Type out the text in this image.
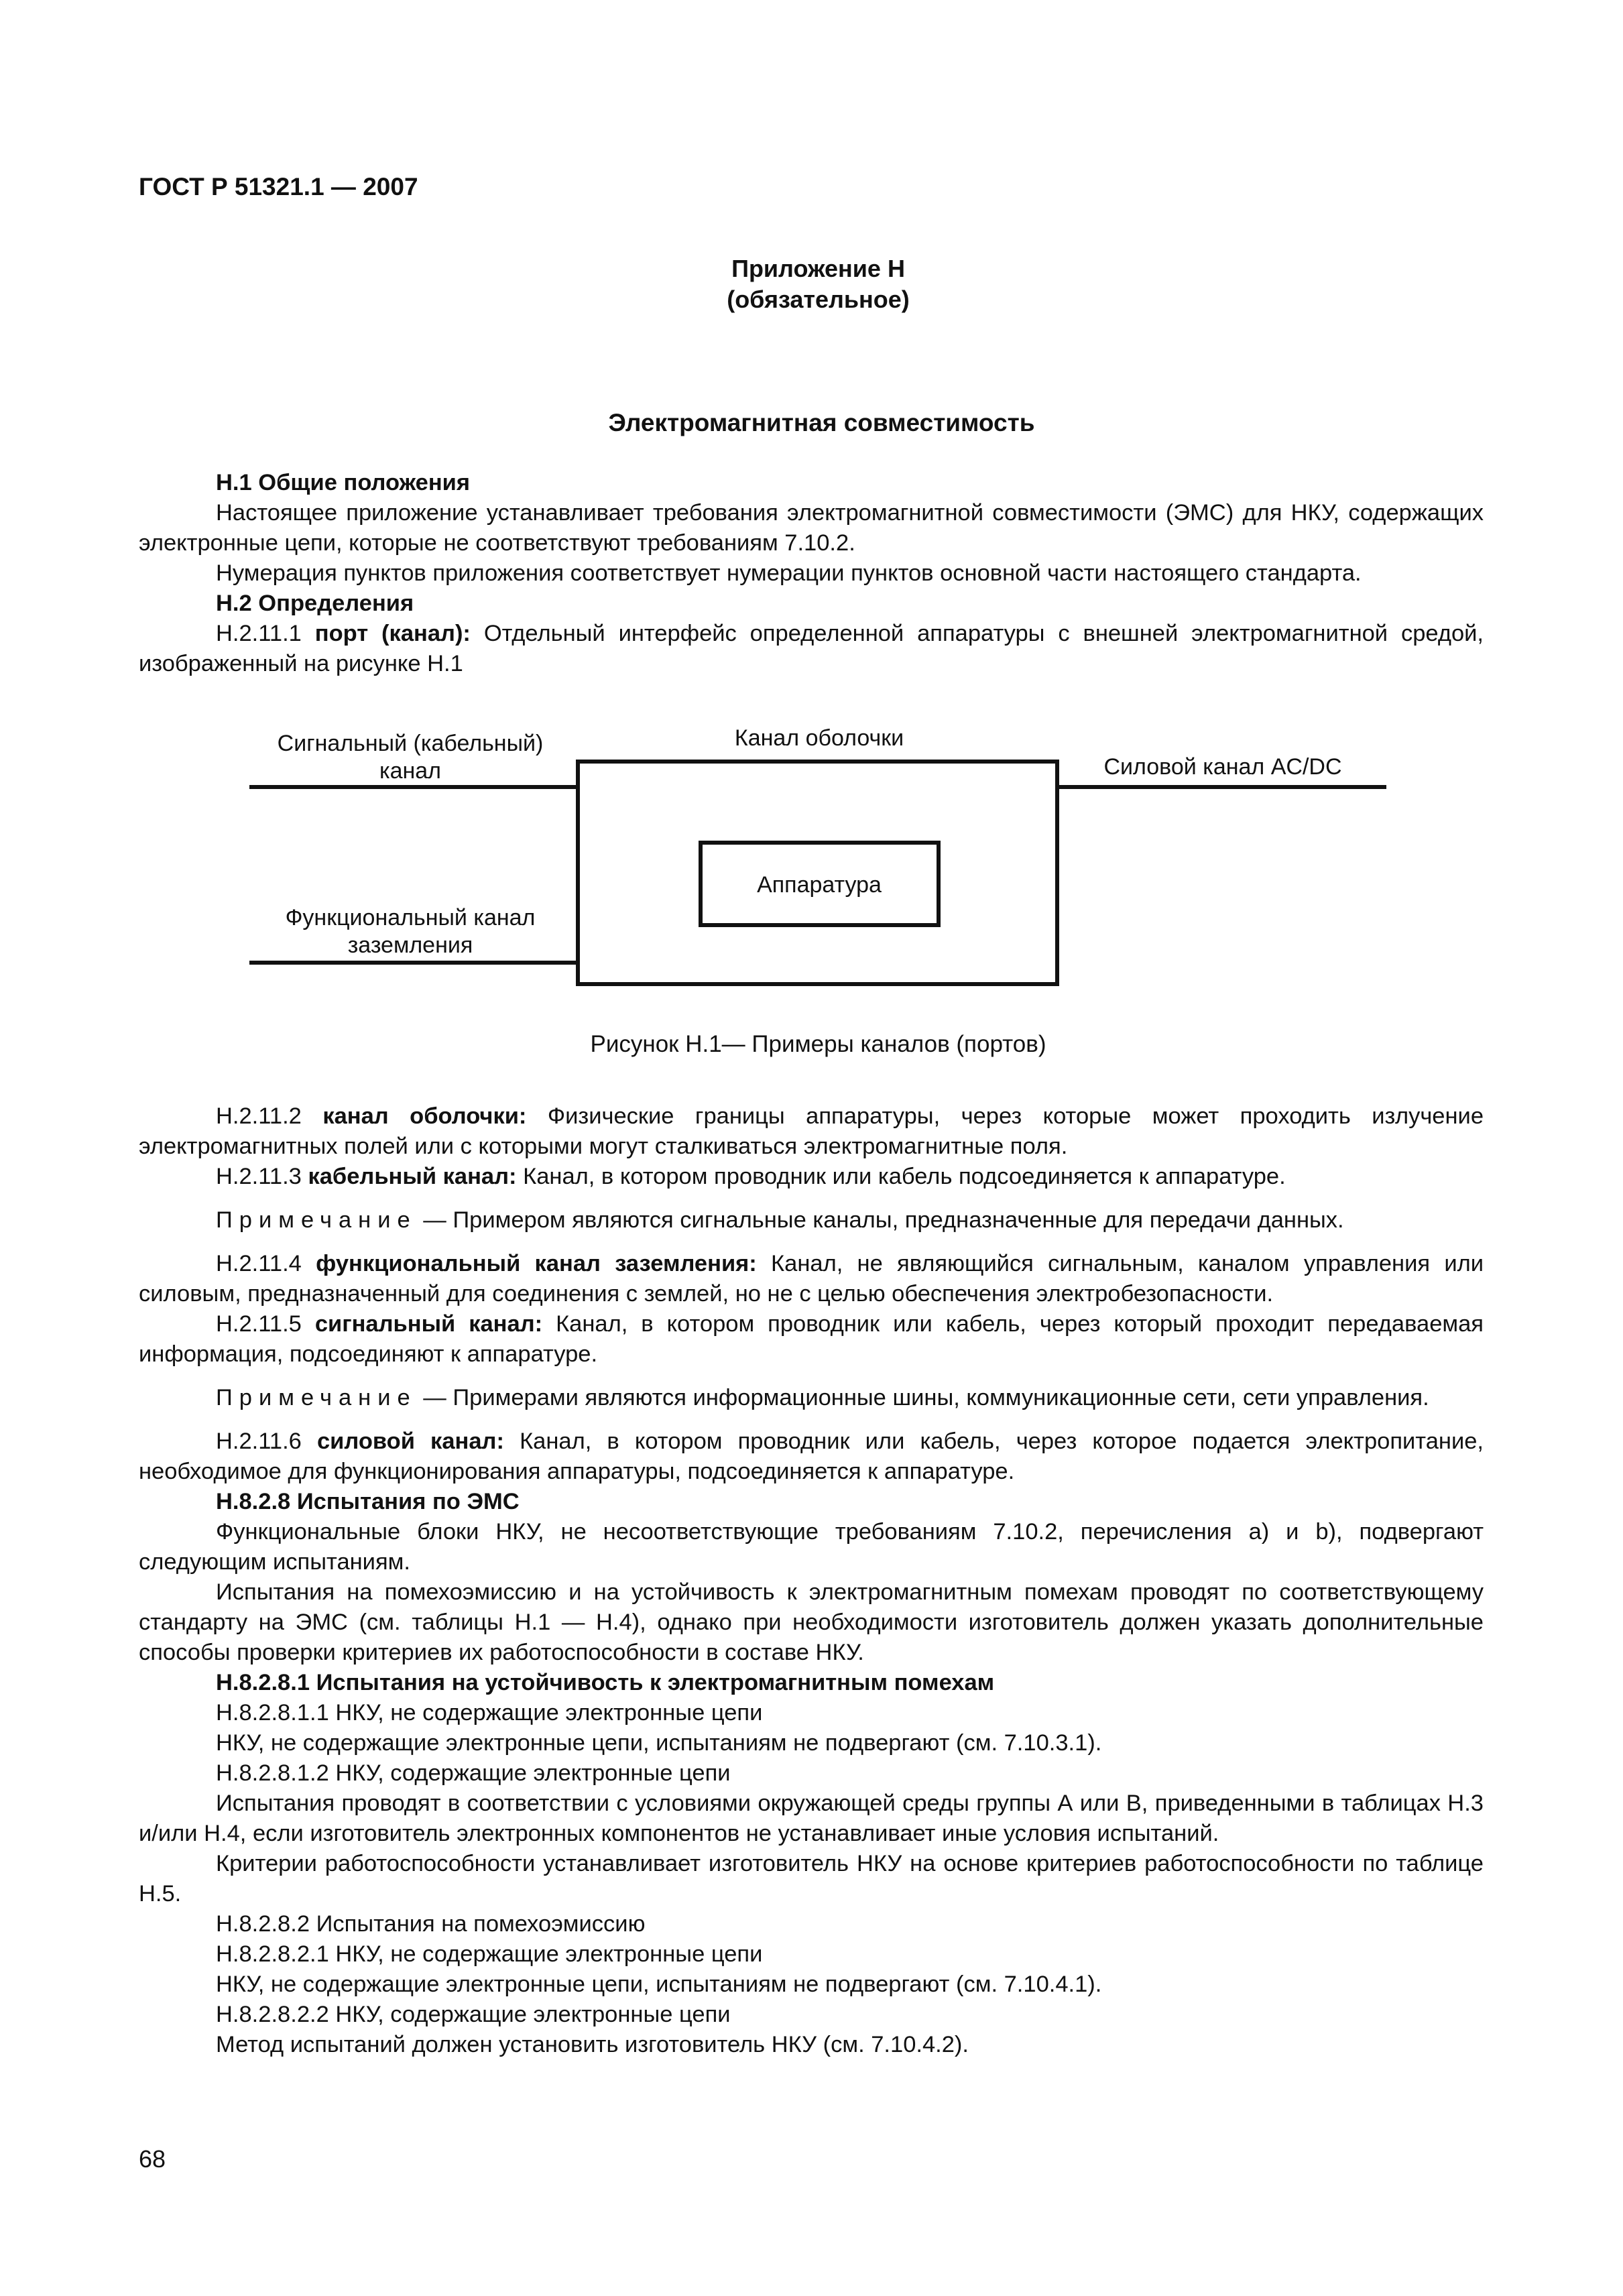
ГОСТ Р 51321.1 — 2007
Приложение Н
(обязательное)
Электромагнитная совместимость

Н.1 Общие положения

Настоящее приложение устанавливает требования электромагнитной совместимости (ЭМС) для НКУ, содержащих электронные цепи, которые не соответствуют требованиям 7.10.2.

Нумерация пунктов приложения соответствует нумерации пунктов основной части настоящего стандарта.

Н.2 Определения

Н.2.11.1 порт (канал): Отдельный интерфейс определенной аппаратуры с внешней электромагнитной средой, изображенный на рисунке Н.1

Сигнальный (кабельный)
канал
Канал оболочки
Силовой канал AC/DC
Функциональный канал
заземления
Аппаратура
Рисунок Н.1— Примеры каналов (портов)

Н.2.11.2 канал оболочки: Физические границы аппаратуры, через которые может проходить излучение электромагнитных полей или с которыми могут сталкиваться электромагнитные поля.

Н.2.11.3 кабельный канал: Канал, в котором проводник или кабель подсоединяется к аппаратуре.

Примечание — Примером являются сигнальные каналы, предназначенные для передачи данных.

Н.2.11.4 функциональный канал заземления: Канал, не являющийся сигнальным, каналом управления или силовым, предназначенный для соединения с землей, но не с целью обеспечения электробезопасности.

Н.2.11.5 сигнальный канал: Канал, в котором проводник или кабель, через который проходит передаваемая информация, подсоединяют к аппаратуре.

Примечание — Примерами являются информационные шины, коммуникационные сети, сети управления.

Н.2.11.6 силовой канал: Канал, в котором проводник или кабель, через которое подается электропитание, необходимое для функционирования аппаратуры, подсоединяется к аппаратуре.

Н.8.2.8 Испытания по ЭМС

Функциональные блоки НКУ, не несоответствующие требованиям 7.10.2, перечисления а) и b), подвергают следующим испытаниям.

Испытания на помехоэмиссию и на устойчивость к электромагнитным помехам проводят по соответствующему стандарту на ЭМС (см. таблицы Н.1 — Н.4), однако при необходимости изготовитель должен указать дополнительные способы проверки критериев их работоспособности в составе НКУ.

Н.8.2.8.1 Испытания на устойчивость к электромагнитным помехам

Н.8.2.8.1.1 НКУ, не содержащие электронные цепи

НКУ, не содержащие электронные цепи, испытаниям не подвергают (см. 7.10.3.1).

Н.8.2.8.1.2 НКУ, содержащие электронные цепи

Испытания проводят в соответствии с условиями окружающей среды группы А или В, приведенными в таблицах Н.3 и/или Н.4, если изготовитель электронных компонентов не устанавливает иные условия испытаний.

Критерии работоспособности устанавливает изготовитель НКУ на основе критериев работоспособности по таблице Н.5.

Н.8.2.8.2 Испытания на помехоэмиссию

Н.8.2.8.2.1 НКУ, не содержащие электронные цепи

НКУ, не содержащие электронные цепи, испытаниям не подвергают (см. 7.10.4.1).

Н.8.2.8.2.2 НКУ, содержащие электронные цепи

Метод испытаний должен установить изготовитель НКУ (см. 7.10.4.2).

68
